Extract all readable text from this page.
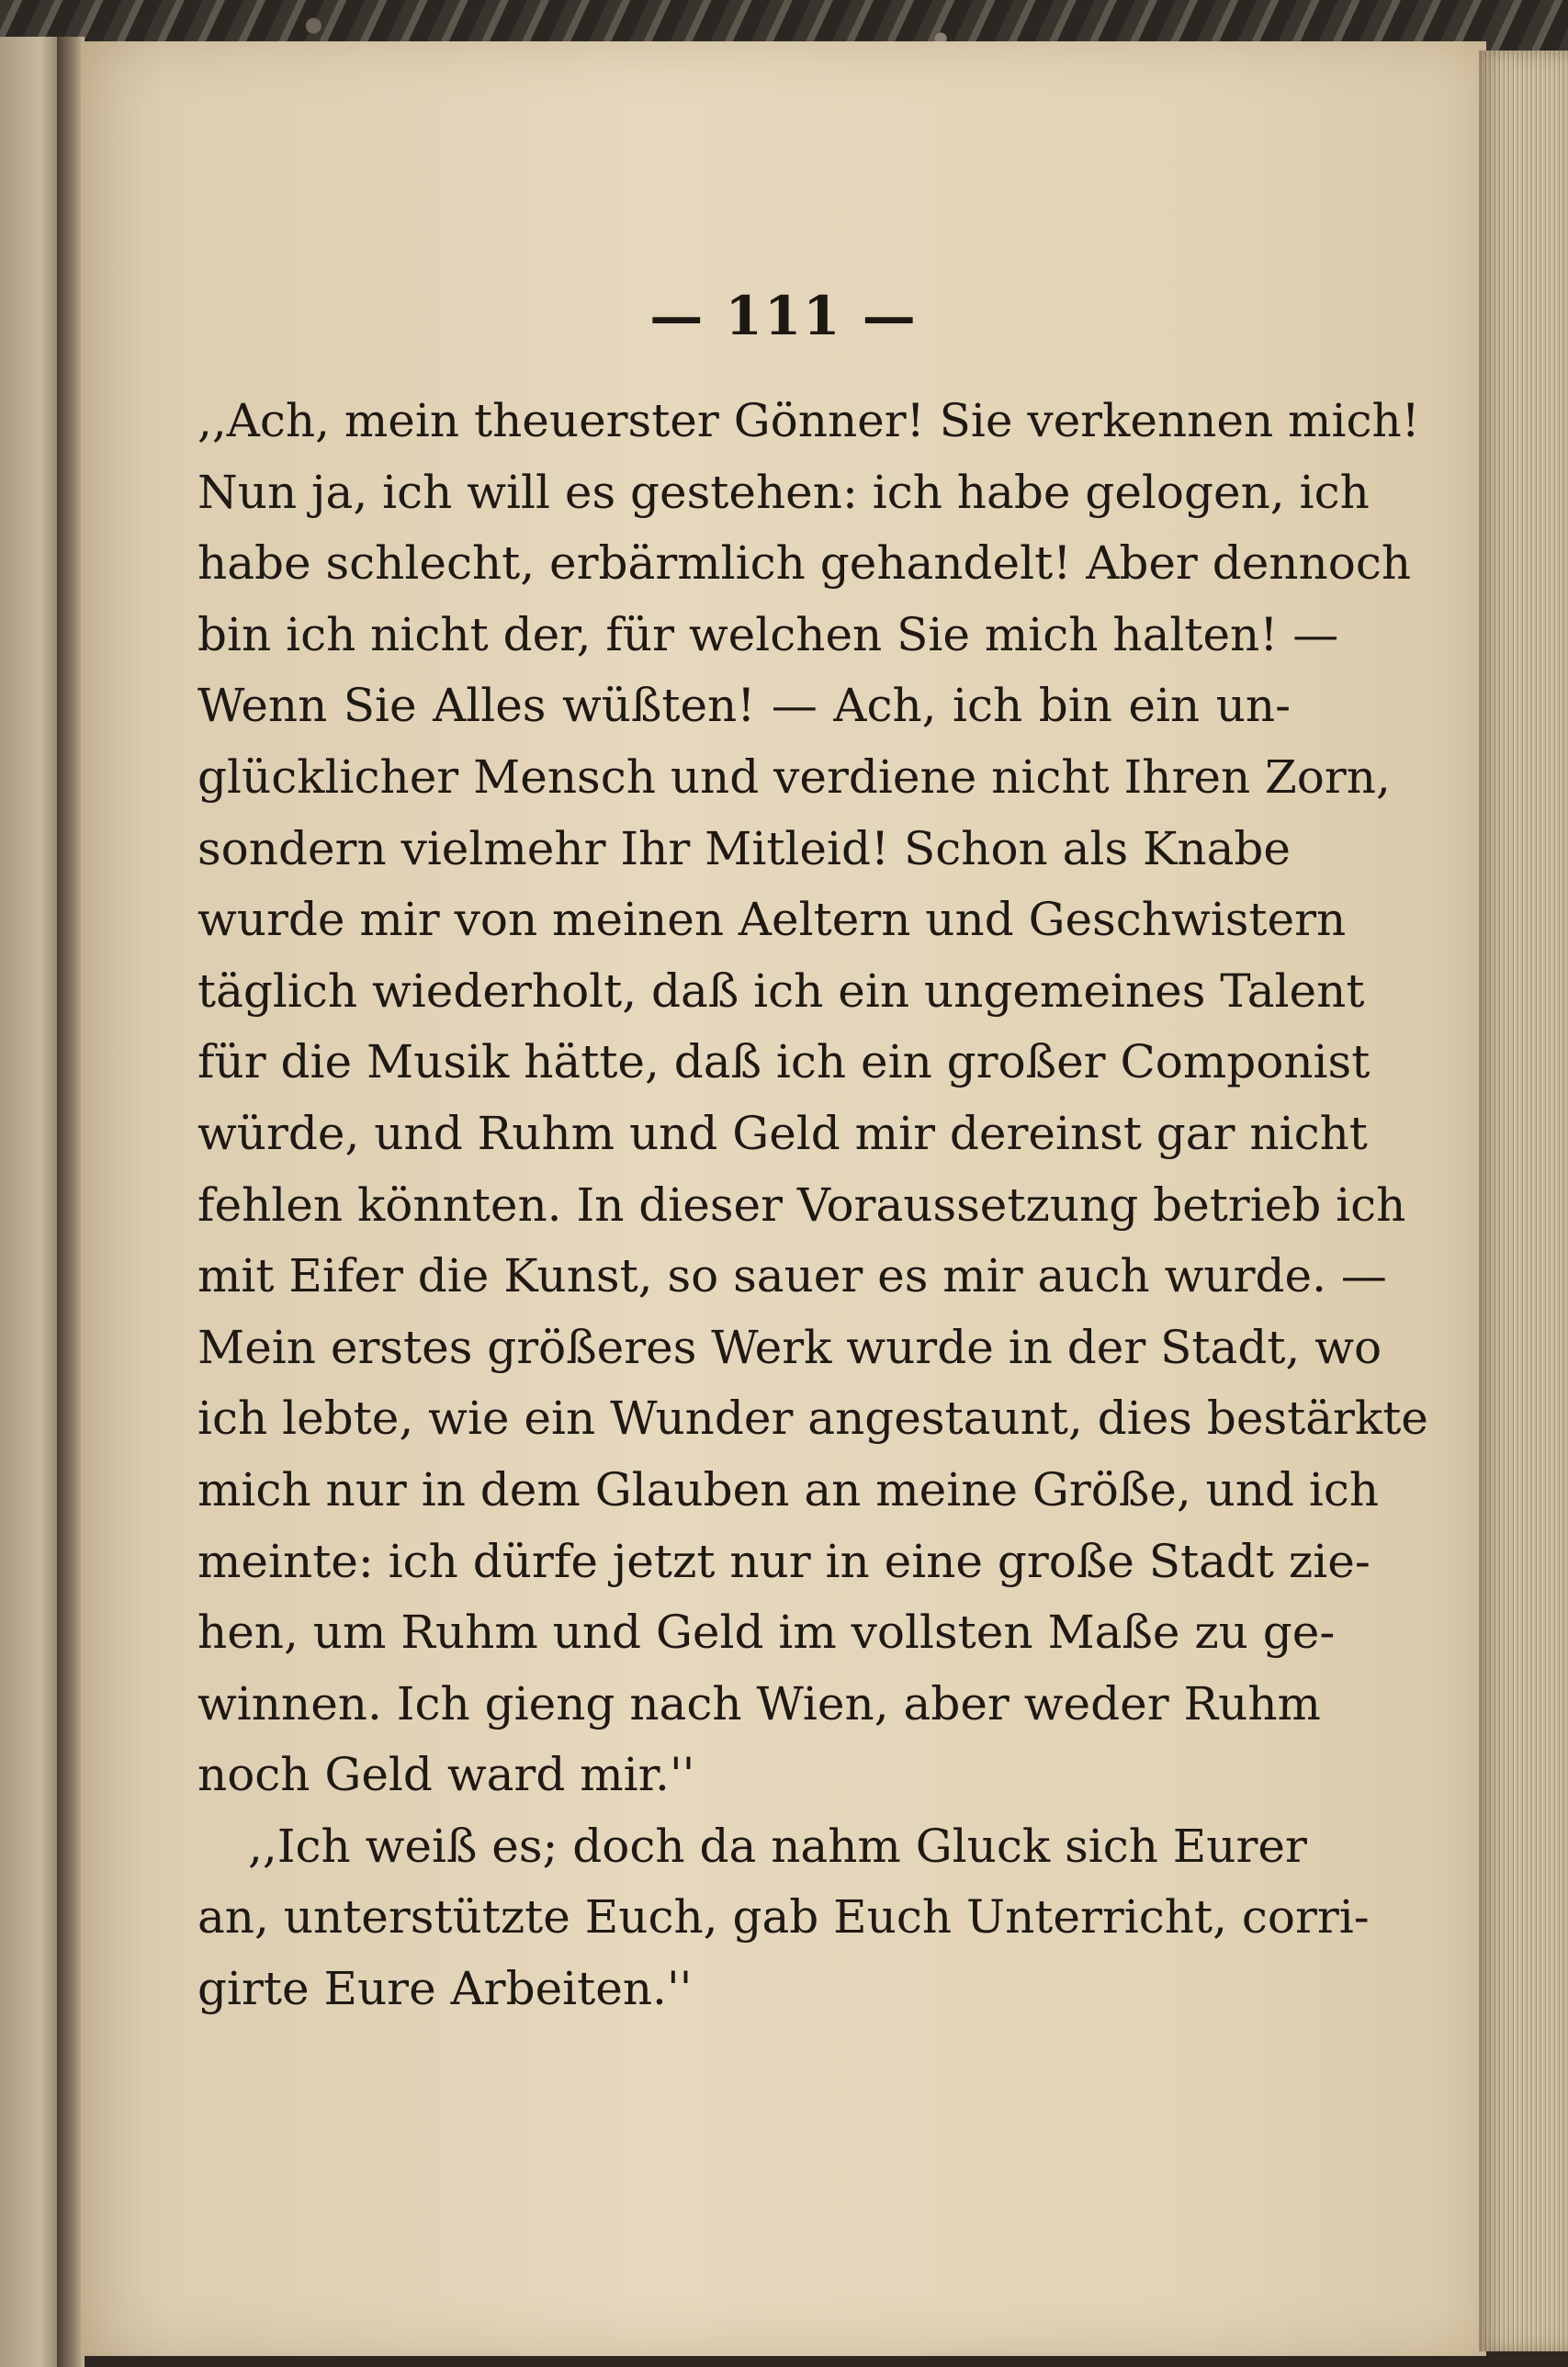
— 111 —
,,Ach, mein theuerster Gönner! Sie verkennen mich!
Nun ja, ich will es gestehen: ich habe gelogen, ich
habe schlecht, erbärmlich gehandelt! Aber dennoch
bin ich nicht der, für welchen Sie mich halten! —
Wenn Sie Alles wüßten! — Ach, ich bin ein un-
glücklicher Mensch und verdiene nicht Ihren Zorn,
sondern vielmehr Ihr Mitleid! Schon als Knabe
wurde mir von meinen Aeltern und Geschwistern
täglich wiederholt, daß ich ein ungemeines Talent
für die Musik hätte, daß ich ein großer Componist
würde, und Ruhm und Geld mir dereinst gar nicht
fehlen könnten. In dieser Voraussetzung betrieb ich
mit Eifer die Kunst, so sauer es mir auch wurde. —
Mein erstes größeres Werk wurde in der Stadt, wo
ich lebte, wie ein Wunder angestaunt, dies bestärkte
mich nur in dem Glauben an meine Größe, und ich
meinte: ich dürfe jetzt nur in eine große Stadt zie-
hen, um Ruhm und Geld im vollsten Maße zu ge-
winnen. Ich gieng nach Wien, aber weder Ruhm
noch Geld ward mir.''
,,Ich weiß es; doch da nahm Gluck sich Eurer
an, unterstützte Euch, gab Euch Unterricht, corri-
girte Eure Arbeiten.''
